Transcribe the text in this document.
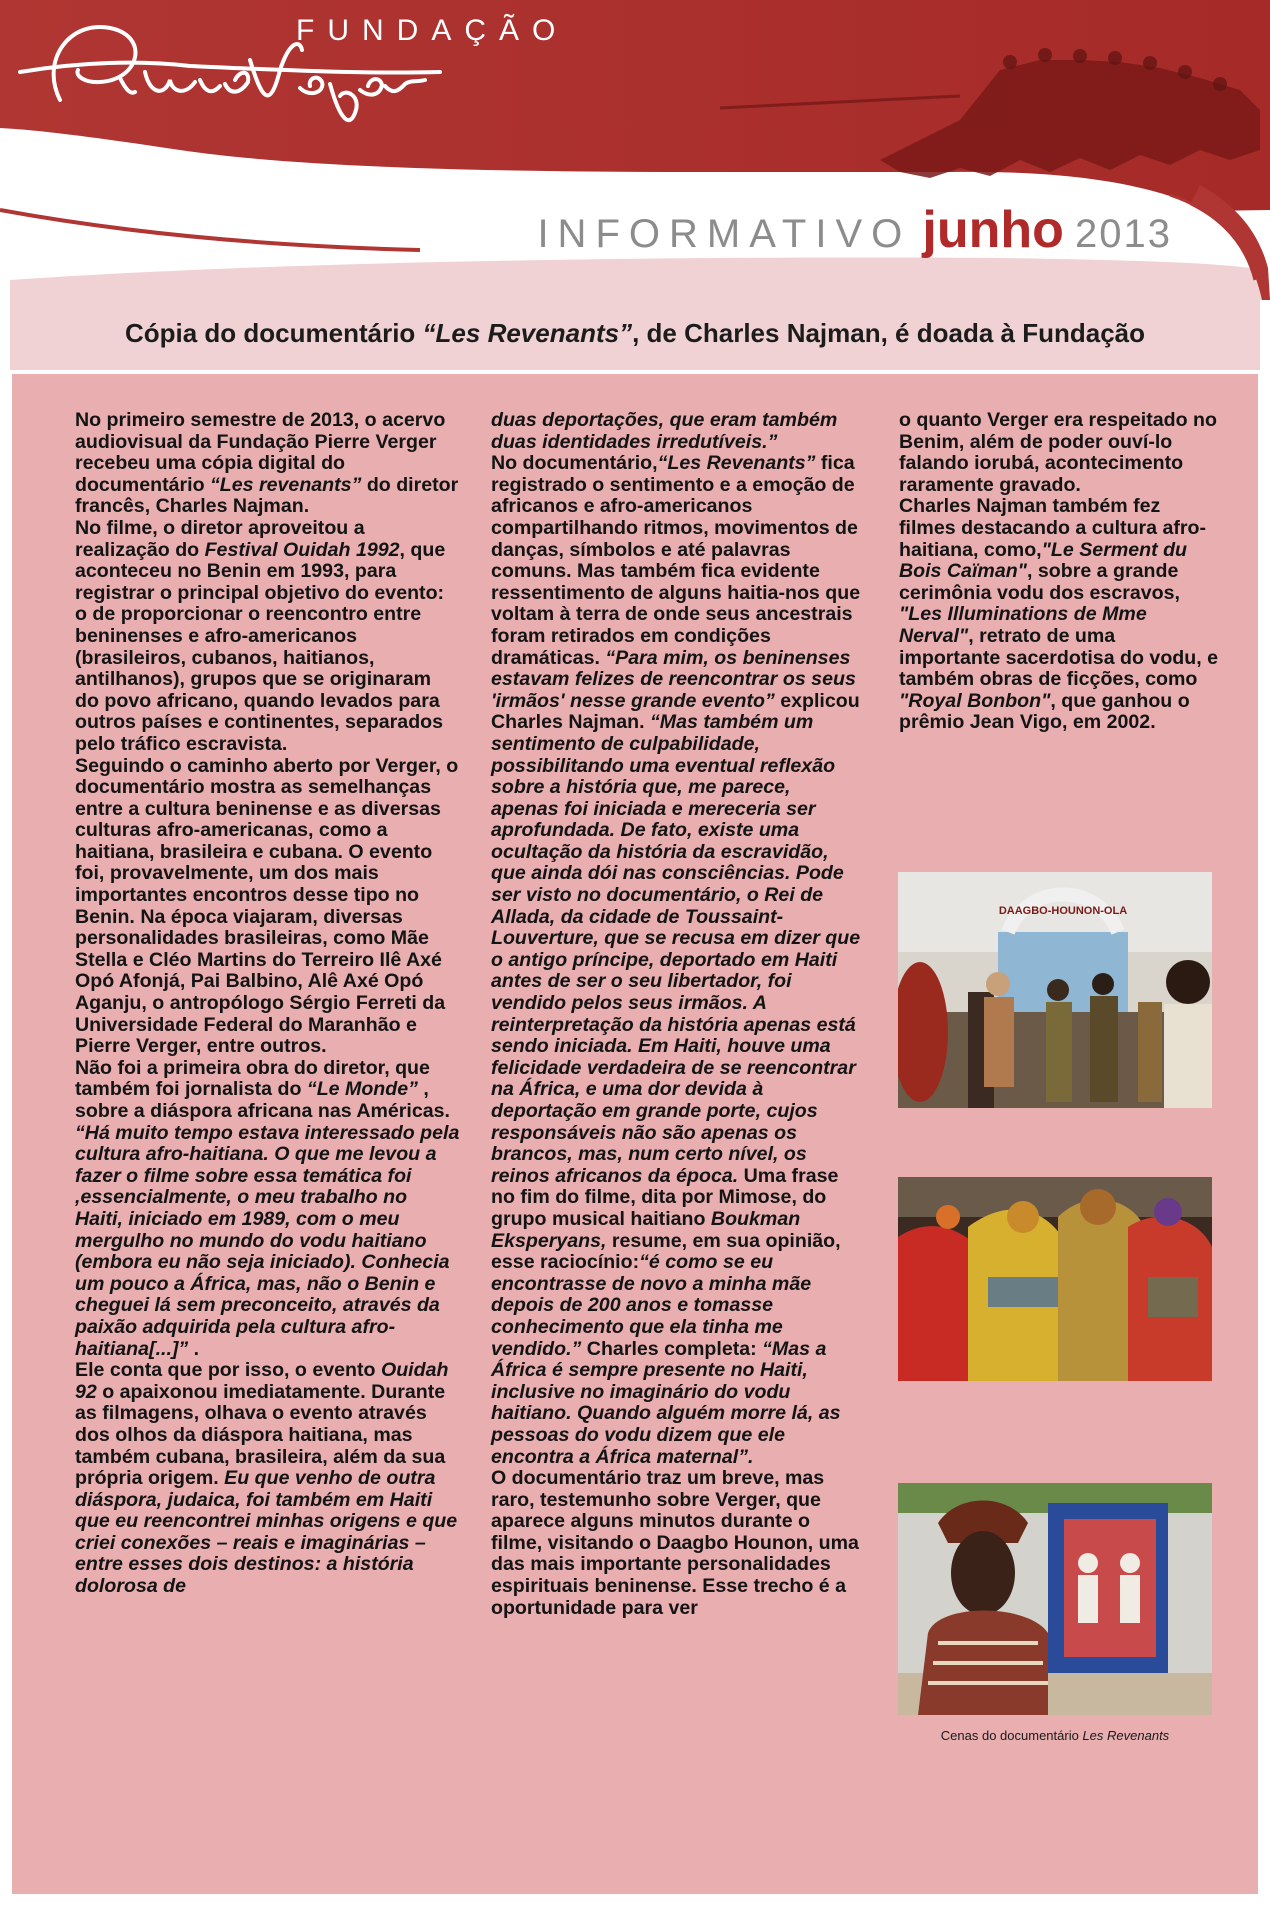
FUNDAÇÃO
INFORMATIVO junho 2013
Cópia do documentário “Les Revenants”, de Charles Najman, é doada à Fundação

No primeiro semestre de 2013, o acervo audiovisual da Fundação Pierre Verger recebeu uma cópia digital do documentário “Les revenants” do diretor francês, Charles Najman.

No filme, o diretor aproveitou a realização do Festival Ouidah 1992, que aconteceu no Benin em 1993, para registrar o principal objetivo do evento: o de proporcionar o reencontro entre beninenses e afro-americanos (brasileiros, cubanos, haitianos, antilhanos), grupos que se originaram do povo africano, quando levados para outros países e continentes, separados pelo tráfico escravista.

Seguindo o caminho aberto por Verger, o documentário mostra as semelhanças entre a cultura beninense e as diversas culturas afro-americanas, como a haitiana, brasileira e cubana. O evento foi, provavelmente, um dos mais importantes encontros desse tipo no Benin. Na época viajaram, diversas personalidades brasileiras, como Mãe Stella e Cléo Martins do Terreiro Ilê Axé Opó Afonjá, Pai Balbino, Alê Axé Opó Aganju, o antropólogo Sérgio Ferreti da Universidade Federal do Maranhão e Pierre Verger, entre outros.

Não foi a primeira obra do diretor, que também foi jornalista do “Le Monde” , sobre a diáspora africana nas Américas. “Há muito tempo estava interessado pela cultura afro-haitiana. O que me levou a fazer o filme sobre essa temática foi ,essencialmente, o meu trabalho no Haiti, iniciado em 1989, com o meu mergulho no mundo do vodu haitiano (embora eu não seja iniciado). Conhecia um pouco a África, mas, não o Benin e cheguei lá sem preconceito, através da paixão adquirida pela cultura afro-haitiana[...]” .

Ele conta que por isso, o evento Ouidah 92 o apaixonou imediatamente. Durante as filmagens, olhava o evento através dos olhos da diáspora haitiana, mas também cubana, brasileira, além da sua própria origem. Eu que venho de outra diáspora, judaica, foi também em Haiti que eu reencontrei minhas origens e que criei conexões – reais e imaginárias – entre esses dois destinos: a história dolorosa de

duas deportações, que eram também duas identidades irredutíveis.”

No documentário,“Les Revenants” fica registrado o sentimento e a emoção de africanos e afro-americanos compartilhando ritmos, movimentos de danças, símbolos e até palavras comuns. Mas também fica evidente ressentimento de alguns haitia-nos que voltam à terra de onde seus ancestrais foram retirados em condições dramáticas. “Para mim, os beninenses estavam felizes de reencontrar os seus 'irmãos' nesse grande evento” explicou Charles Najman. “Mas também um sentimento de culpabilidade, possibilitando uma eventual reflexão sobre a história que, me parece, apenas foi iniciada e mereceria ser aprofundada. De fato, existe uma ocultação da história da escravidão, que ainda dói nas consciências. Pode ser visto no documentário, o Rei de Allada, da cidade de Toussaint-Louverture, que se recusa em dizer que o antigo príncipe, deportado em Haiti antes de ser o seu libertador, foi vendido pelos seus irmãos. A reinterpretação da história apenas está sendo iniciada. Em Haiti, houve uma felicidade verdadeira de se reencontrar na África, e uma dor devida à deportação em grande porte, cujos responsáveis não são apenas os brancos, mas, num certo nível, os reinos africanos da época. Uma frase no fim do filme, dita por Mimose, do grupo musical haitiano Boukman Eksperyans, resume, em sua opinião, esse raciocínio:“é como se eu encontrasse de novo a minha mãe depois de 200 anos e tomasse conhecimento que ela tinha me vendido.” Charles completa: “Mas a África é sempre presente no Haiti, inclusive no imaginário do vodu haitiano. Quando alguém morre lá, as pessoas do vodu dizem que ele encontra a África maternal”.

O documentário traz um breve, mas raro, testemunho sobre Verger, que aparece alguns minutos durante o filme, visitando o Daagbo Hounon, uma das mais importante personalidades espirituais beninense. Esse trecho é a oportunidade para ver

o quanto Verger era respeitado no Benim, além de poder ouví-lo falando iorubá, acontecimento raramente gravado.

Charles Najman também fez filmes destacando a cultura afro-haitiana, como,"Le Serment du Bois Caïman", sobre a grande cerimônia vodu dos escravos, "Les Illuminations de Mme Nerval", retrato de uma importante sacerdotisa do vodu, e também obras de ficções, como "Royal Bonbon", que ganhou o prêmio Jean Vigo, em 2002.

DAAGBO-HOUNON-OLA
Cenas do documentário Les Revenants
